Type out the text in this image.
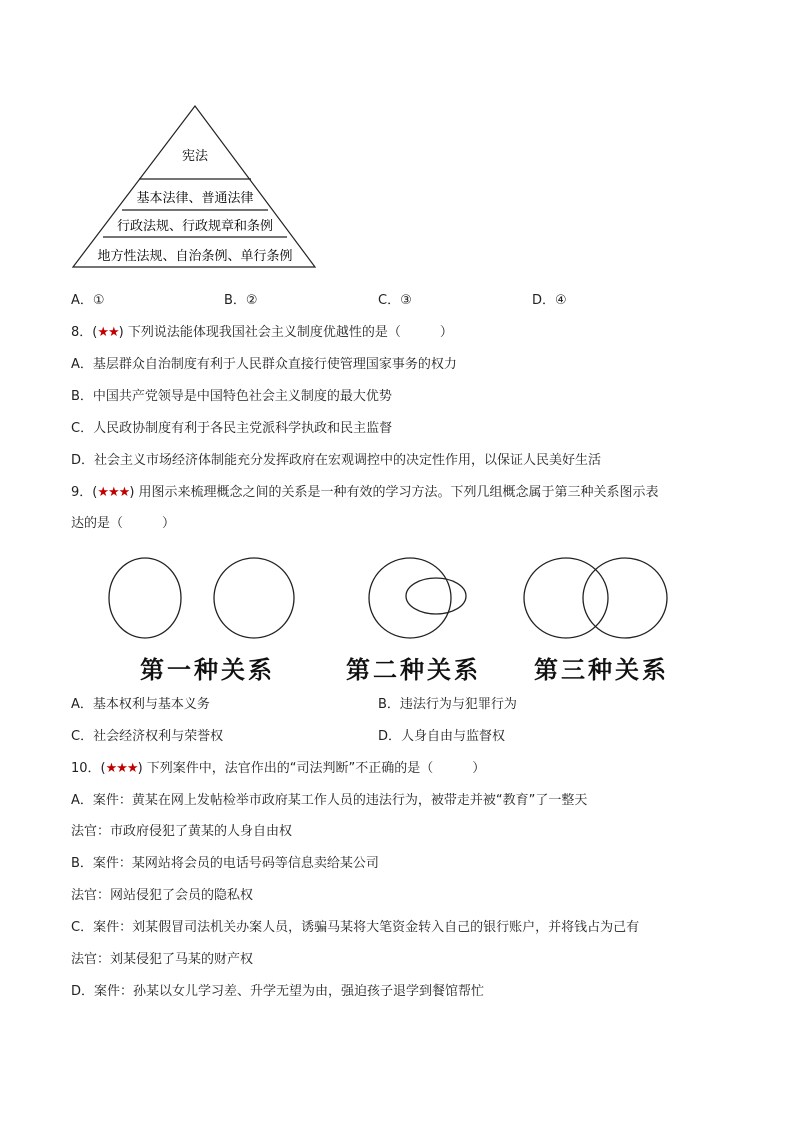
宪法
基本法律、普通法律
行政法规、行政规章和条例
地方性法规、自治条例、单行条例
A．①	B．②	C．③	D．④
8．(★★) 下列说法能体现我国社会主义制度优越性的是（　　　）
A．基层群众自治制度有利于人民群众直接行使管理国家事务的权力
B．中国共产党领导是中国特色社会主义制度的最大优势
C．人民政协制度有利于各民主党派科学执政和民主监督
D．社会主义市场经济体制能充分发挥政府在宏观调控中的决定性作用，以保证人民美好生活
9．(★★★) 用图示来梳理概念之间的关系是一种有效的学习方法。下列几组概念属于第三种关系图示表
达的是（　　　）
第一种关系	第二种关系 第三种关系
A．基本权利与基本义务	B．违法行为与犯罪行为
C．社会经济权利与荣誉权	D．人身自由与监督权
10．(★★★) 下列案件中，法官作出的“司法判断”不正确的是（　　　）
A．案件：黄某在网上发帖检举市政府某工作人员的违法行为，被带走并被“教育”了一整天
法官：市政府侵犯了黄某的人身自由权
B．案件：某网站将会员的电话号码等信息卖给某公司
法官：网站侵犯了会员的隐私权
C．案件：刘某假冒司法机关办案人员，诱骗马某将大笔资金转入自己的银行账户，并将钱占为己有
法官：刘某侵犯了马某的财产权
D．案件：孙某以女儿学习差、升学无望为由，强迫孩子退学到餐馆帮忙
